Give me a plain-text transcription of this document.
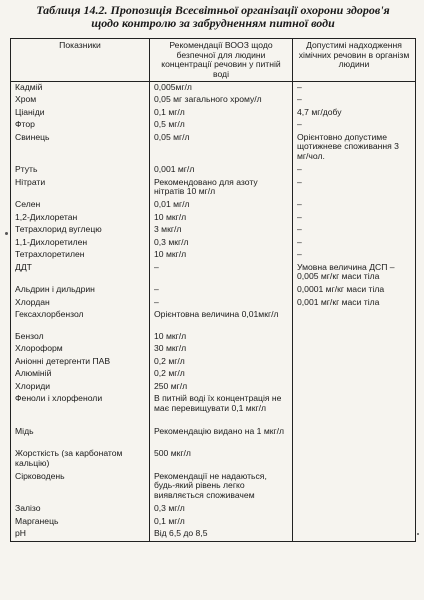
Таблиця 14.2. Пропозиція Всесвітньої організації охорони здоров'я
щодо контролю за забрудненням питної води
Показники	Рекомендації ВООЗ щодо безпечної для людини концентрації речовин у питній воді	Допустимі надходження хімічних речовин в організм людини
Кадмій	0,005мг/л	–
Хром	0,05 мг загального хрому/л	–
Ціаніди	0,1 мг/л	4,7 мг/добу
Фтор	0,5 мг/л	–
Свинець	0,05 мг/л	Орієнтовно допустиме щотижневе споживання 3 мг/чол.
Ртуть	0,001 мг/л	–
Нітрати	Рекомендовано для азоту нітратів 10 мг/л	–
Селен	0,01 мг/л	–
1,2-Дихлоретан	10 мкг/л	–
Тетрахлорид вуглецю	3 мкг/л	–
1,1-Дихлоретилен	0,3 мкг/л	–
Тетрахлоретилен	10 мкг/л	–
ДДТ	–	Умовна величина ДСП – 0,005 мг/кг маси тіла
Альдрин і дильдрин	–	0,0001 мг/кг маси тіла
Хлордан	–	0,001 мг/кг маси тіла
Гексахлорбензол	Орієнтовна величина 0,01мкг/л	
Бензол	10 мкг/л	
Хлороформ	30 мкг/л	
Аніонні детергенти ПАВ	0,2 мг/л	
Алюміній	0,2 мг/л	
Хлориди	250 мг/л	
Феноли і хлорфеноли	В питній воді їх концентрація не має перевищувати 0,1 мкг/л	
Мідь	Рекомендацію видано на 1 мкг/л	
Жорсткість (за карбонатом кальцію)	500 мкг/л	
Сірководень	Рекомендації не надаються, будь-який рівень легко виявляється споживачем	
Залізо	0,3 мг/л	
Марганець	0,1 мг/л	
pH	Від 6,5 до 8,5	
